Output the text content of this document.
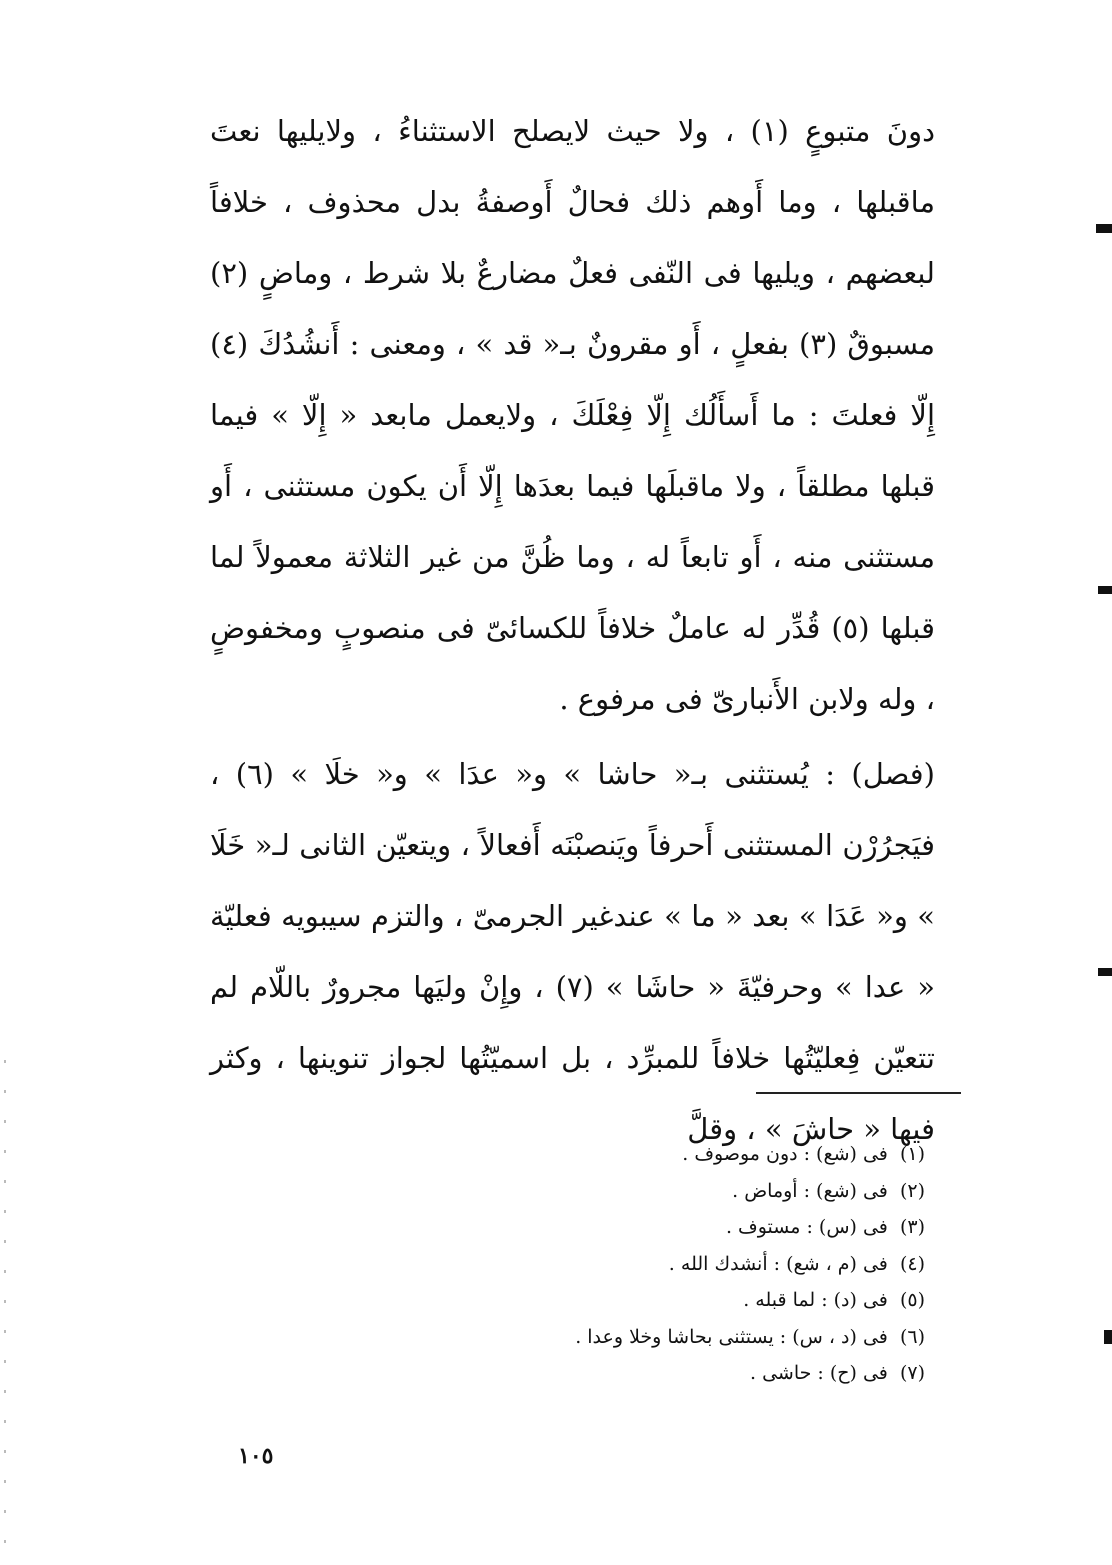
دونَ متبوعٍ (١) ، ولا حيث لايصلح الاستثناءُ ، ولايليها نعتَ ماقبلها ، وما أَوهم ذلك فحالٌ أَوصفةُ بدل محذوف ، خلافاً لبعضهم ، ويليها فى النّفى فعلٌ مضارعٌ بلا شرط ، وماضٍ (٢) مسبوقٌ (٣) بفعلٍ ، أَو مقرونٌ بـ« قد » ، ومعنى : أَنشُدُكَ (٤) إِلّا فعلتَ : ما أَسأَلُك إِلّا فِعْلَكَ ، ولايعمل مابعد « إِلّا » فيما قبلها مطلقاً ، ولا ماقبلَها فيما بعدَها إِلّا أَن يكون مستثنى ، أَو مستثنى منه ، أَو تابعاً له ، وما ظُنَّ من غير الثلاثة معمولاً لما قبلها (٥) قُدِّر له عاملٌ خلافاً للكسائىّ فى منصوبٍ ومخفوضٍ ، وله ولابن الأَنبارىّ فى مرفوع .

(فصل) : يُستثنى بـ« حاشا » و« عدَا » و« خلَا » (٦) ، فيَجرُرْن المستثنى أَحرفاً ويَنصبْنَه أَفعالاً ، ويتعيّن الثانى لـ« خَلَا » و« عَدَا » بعد « ما » عندغير الجرمىّ ، والتزم سيبويه فعليّة « عدا » وحرفيّةَ « حاشَا » (٧) ، وإِنْ وليَها مجرورٌ باللّام لم تتعيّن فِعليّتُها خلافاً للمبرِّد ، بل اسميّتُها لجواز تنوينها ، وكثر فيها « حاشَ » ، وقلَّ

(١) فى (شع) : دون موصوف .
(٢) فى (شع) : أوماض .
(٣) فى (س) : مستوف .
(٤) فى (م ، شع) : أنشدك الله .
(٥) فى (د) : لما قبله .
(٦) فى (د ، س) : يستثنى بحاشا وخلا وعدا .
(٧) فى (ح) : حاشى .
١٠٥
